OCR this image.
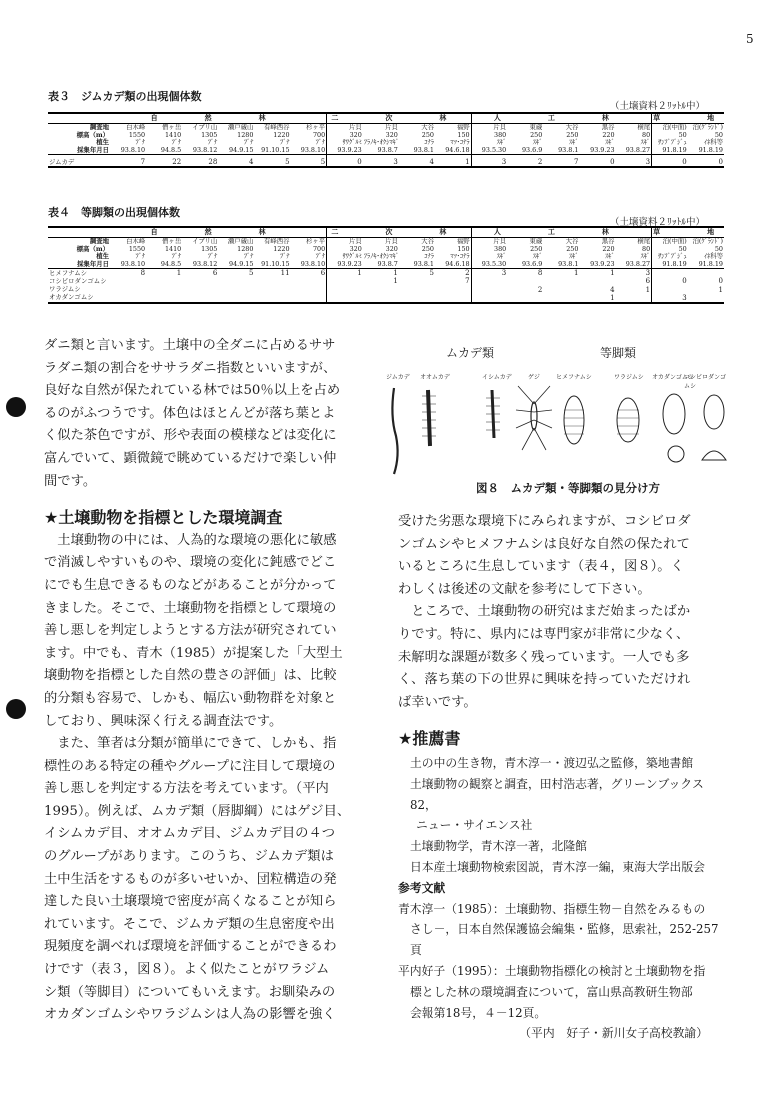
5
表３　ジムカデ類の出現個体数
（土壌資料２ﾘｯﾄﾙ中）
	自　然　林						二　次　林				人　工　林					草　地	
調査地	白木峰	僧ヶ岳	イブリ山	瀬戸蔵山	有峰西谷	杉ヶ平	片貝	片貝	大谷	福野	片貝	東蔵	大谷	黒谷	横尾	泊(中面)	泊(ｸﾞﾗﾝﾄﾞ)
標高（m）	1550	1410	1305	1280	1220	700	320	320	250	150	380	250	250	220	80	50	50
植生	ﾌﾞﾅ	ﾌﾞﾅ	ﾌﾞﾅ	ﾌﾞﾅ	ﾌﾞﾅ	ﾌﾞﾅ	ｻﾜｸﾞﾙﾐ	ﾌﾗﾉｷ･ｵｸｼﾏｷﾞ	ｺﾅﾗ	ﾏﾂ･ｺﾅﾗ	ｽｷﾞ	ｽｷﾞ	ｽｷﾞ	ｽｷﾞ	ｽｷﾞ	ｻﾝﾌﾞﾌﾞｼﾞｭ	ｲﾈ科等
採集年月日	93.8.10	94.8.5	93.8.12	94.9.15	91.10.15	93.8.10	93.9.23	93.8.7	93.8.1	94.6.18	93.5.30	93.6.9	93.8.1	93.9.23	93.8.27	91.8.19	91.8.19

ジムカデ	7	22	28	4	5	5	0	3	4	1	3	2	7	0	3	0	0
表４　等脚類の出現個体数
（土壌資料２ﾘｯﾄﾙ中）
	自　然　林						二　次　林				人　工　林					草　地	
調査地	白木峰	僧ヶ岳	イブリ山	瀬戸蔵山	有峰西谷	杉ヶ平	片貝	片貝	大谷	福野	片貝	東蔵	大谷	黒谷	横尾	泊(中面)	泊(ｸﾞﾗﾝﾄﾞ)
標高（m）	1550	1410	1305	1280	1220	700	320	320	250	150	380	250	250	220	80	50	50
植生	ﾌﾞﾅ	ﾌﾞﾅ	ﾌﾞﾅ	ﾌﾞﾅ	ﾌﾞﾅ	ﾌﾞﾅ	ｻﾜｸﾞﾙﾐ	ﾌﾗﾉｷ･ｵｸｼﾏｷﾞ	ｺﾅﾗ	ﾏﾂ･ｺﾅﾗ	ｽｷﾞ	ｽｷﾞ	ｽｷﾞ	ｽｷﾞ	ｽｷﾞ	ｻﾝﾌﾞﾌﾞｼﾞｭ	ｲﾈ科等
採集年月日	93.8.10	94.8.5	93.8.12	94.9.15	91.10.15	93.8.10	93.9.23	93.8.7	93.8.1	94.6.18	93.5.30	93.6.9	93.8.1	93.9.23	93.8.27	91.8.19	91.8.19
ヒメフナムシ	8	1	6	5	11	6	1	1	5	2	3	8	1	1	3		
コシビロダンゴムシ								1		7					6	0	0
ワラジムシ												2		4	1		1
オカダンゴムシ														1		3	

ダニ類と言います。土壌中の全ダニに占めるササ
ラダニ類の割合をササラダニ指数といいますが、
良好な自然が保たれている林では50％以上を占め
るのがふつうです。体色はほとんどが落ち葉とよ
く似た茶色ですが、形や表面の模様などは変化に
富んでいて、顕微鏡で眺めているだけで楽しい仲
間です。

★土壌動物を指標とした環境調査

土壌動物の中には、人為的な環境の悪化に敏感
で消滅しやすいものや、環境の変化に鈍感でどこ
にでも生息できるものなどがあることが分かって
きました。そこで、土壌動物を指標として環境の
善し悪しを判定しようとする方法が研究されてい
ます。中でも、青木（1985）が提案した「大型土
壌動物を指標とした自然の豊さの評価」は、比較
的分類も容易で、しかも、幅広い動物群を対象と
しており、興味深く行える調査法です。
また、筆者は分類が簡単にできて、しかも、指
標性のある特定の種やグループに注目して環境の
善し悪しを判定する方法を考えています。（平内
1995）。例えば、ムカデ類（唇脚綱）にはゲジ目、
イシムカデ目、オオムカデ目、ジムカデ目の４つ
のグループがあります。このうち、ジムカデ類は
土中生活をするものが多いせいか、団粒構造の発
達した良い土壌環境で密度が高くなることが知ら
れています。そこで、ジムカデ類の生息密度や出
現頻度を調べれば環境を評価することができるわ
けです（表３，図８）。よく似たことがワラジム
シ類（等脚目）についてもいえます。お馴染みの
オカダンゴムシやワラジムシは人為の影響を強く

ムカデ類	等脚類
ジムカデ オオムカデ	イシムカデ	ゲジ	ヒメフナムシ	ワラジムシ オカダンゴムシ
コシビロダンゴムシ
図８　ムカデ類・等脚類の見分け方

受けた劣悪な環境下にみられますが、コシビロダ
ンゴムシやヒメフナムシは良好な自然の保たれて
いるところに生息しています（表４，図８）。く
わしくは後述の文献を参考にして下さい。
ところで、土壌動物の研究はまだ始まったばか
りです。特に、県内には専門家が非常に少なく、
未解明な課題が数多く残っています。一人でも多
く、落ち葉の下の世界に興味を持っていただけれ
ば幸いです。

★推薦書
土の中の生き物，青木淳一・渡辺弘之監修，築地書館
土壌動物の観察と調査，田村浩志著，グリーンブックス82，
ニュー・サイエンス社
土壌動物学，青木淳一著，北隆館
日本産土壌動物検索図説，青木淳一編，東海大学出版会
参考文献
青木淳一（1985）：土壌動物、指標生物－自然をみるもの
さし－，日本自然保護協会編集・監修，思索社，252-257頁
平内好子（1995）：土壌動物指標化の検討と土壌動物を指
標とした林の環境調査について，富山県高教研生物部
会報第18号，４－12頁。
（平内　好子・新川女子高校教諭）
